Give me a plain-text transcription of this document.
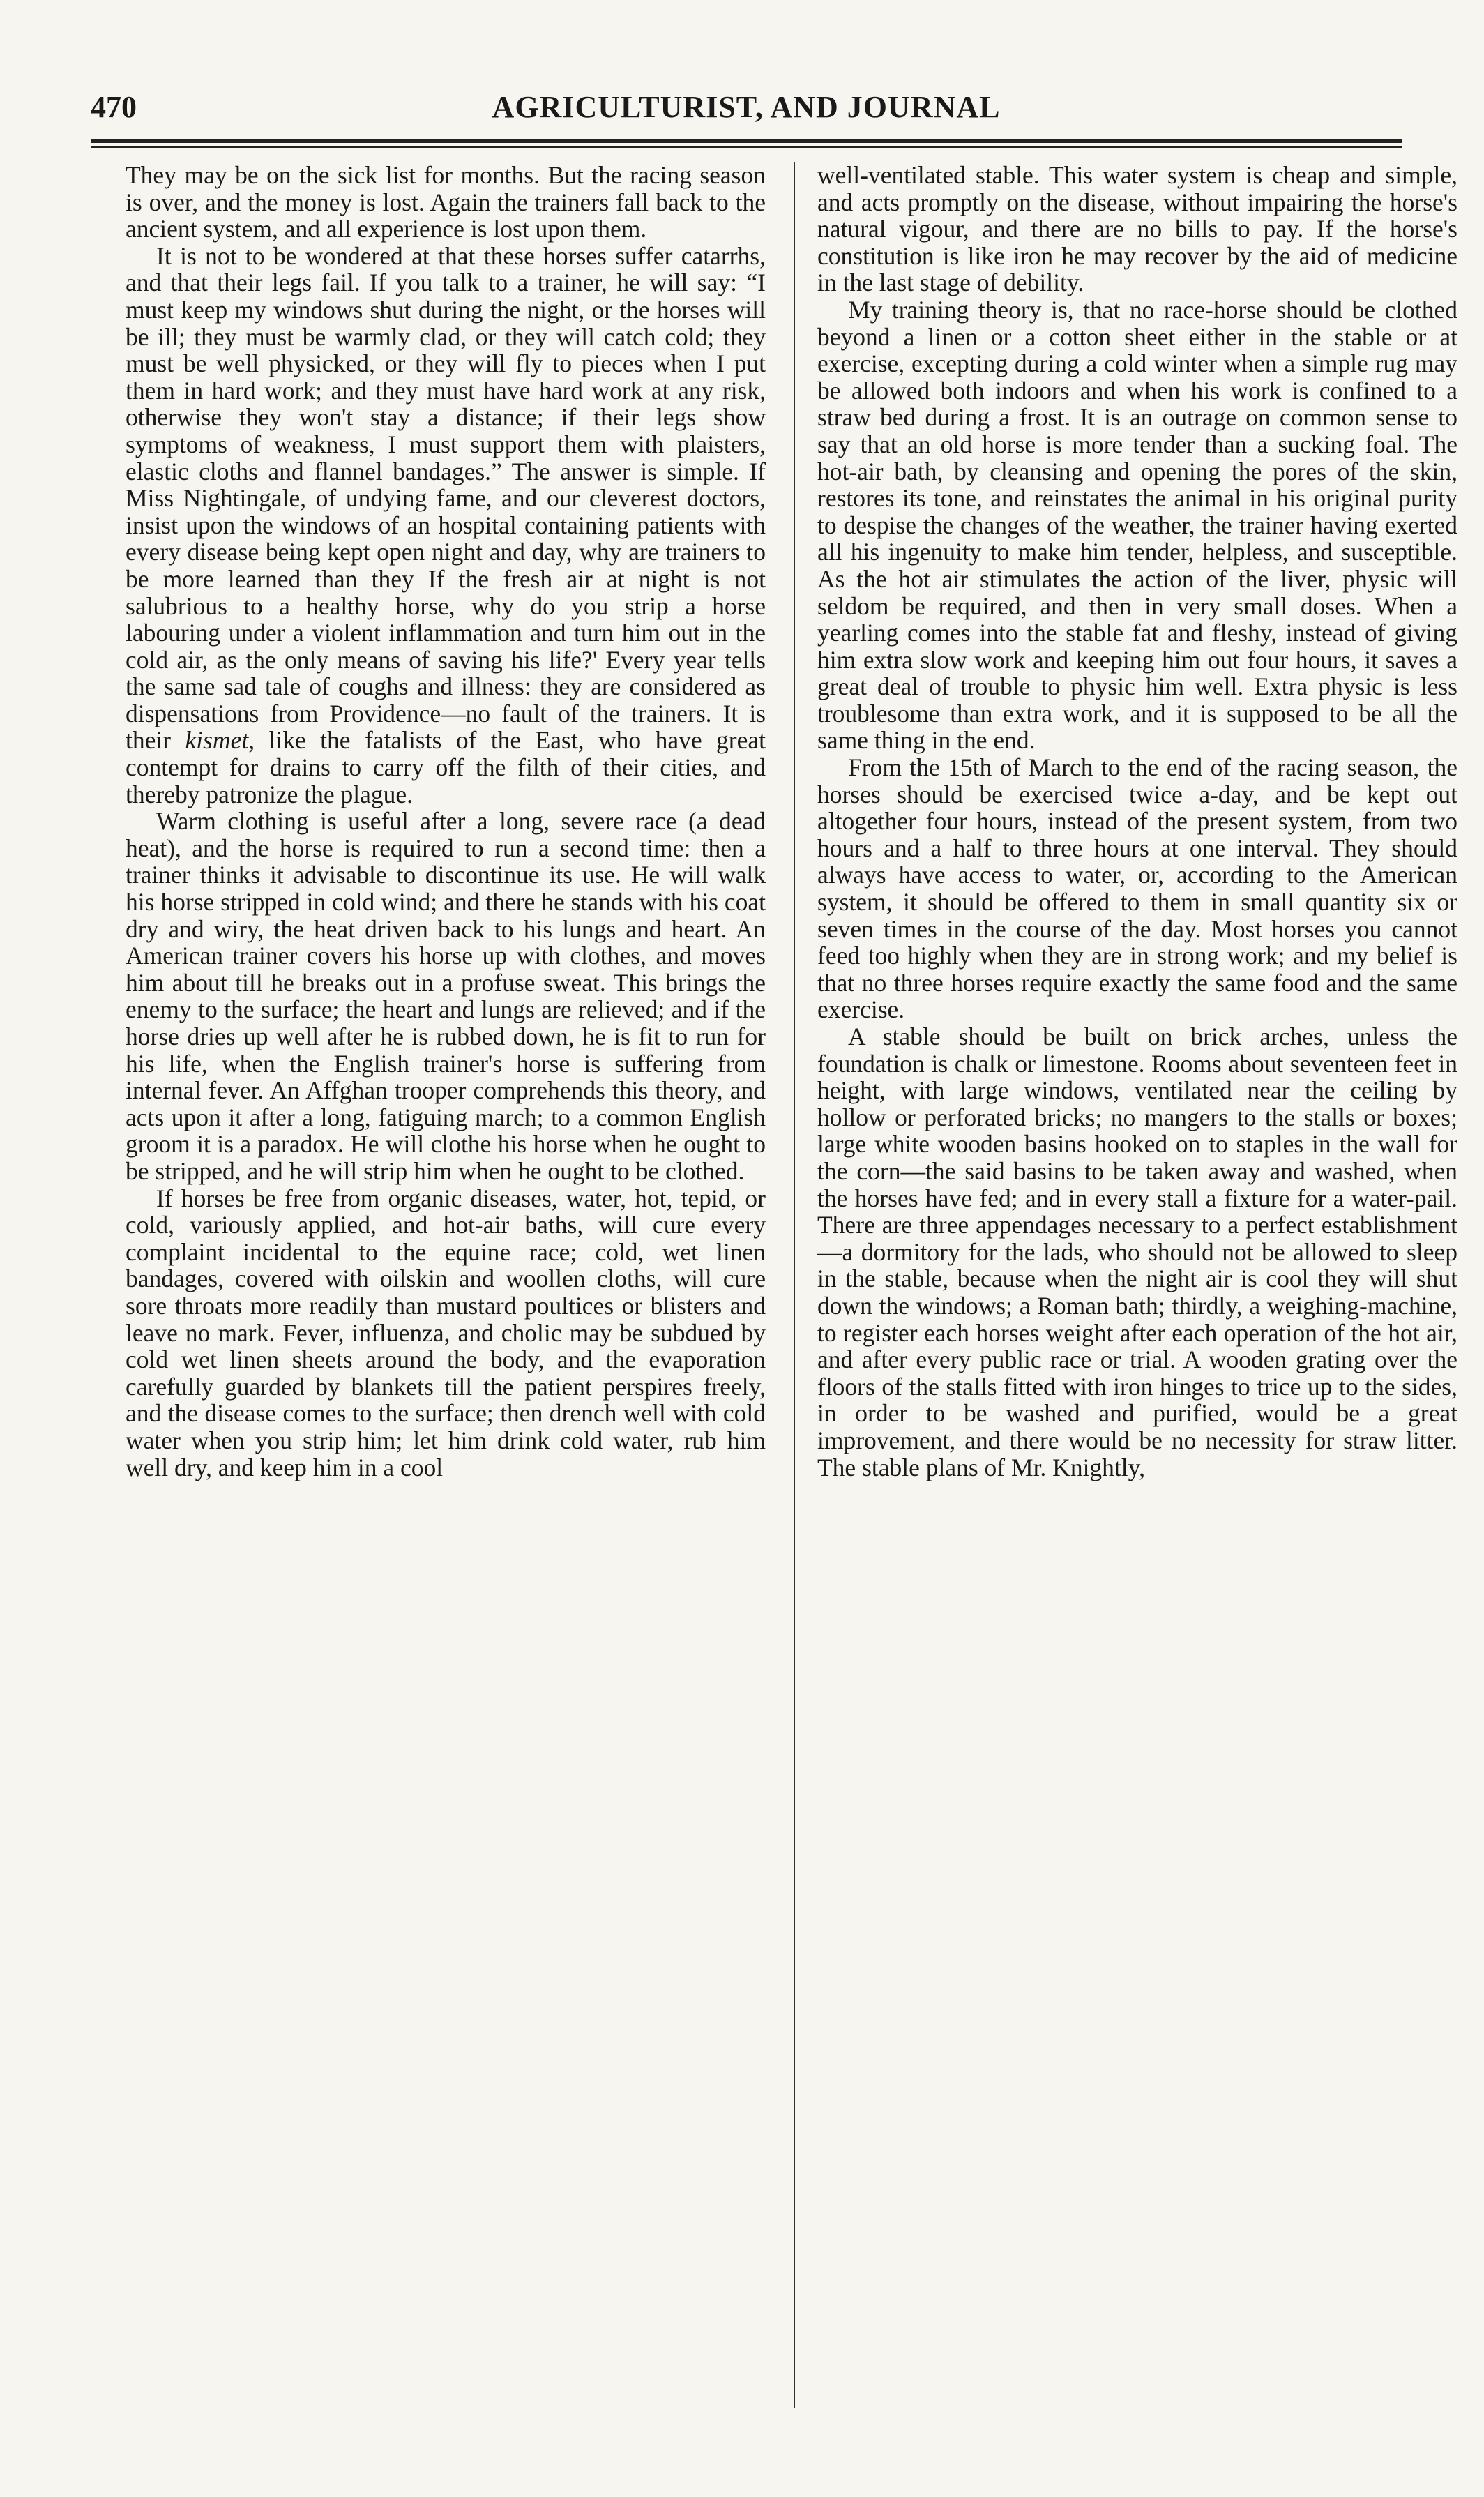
470	AGRICULTURIST, AND JOURNAL

They may be on the sick list for months. But the racing season is over, and the money is lost. Again the trainers fall back to the ancient system, and all experience is lost upon them.

It is not to be wondered at that these horses suffer catarrhs, and that their legs fail. If you talk to a trainer, he will say: “I must keep my windows shut during the night, or the horses will be ill; they must be warmly clad, or they will catch cold; they must be well physicked, or they will fly to pieces when I put them in hard work; and they must have hard work at any risk, otherwise they won't stay a distance; if their legs show symptoms of weakness, I must support them with plaisters, elastic cloths and flannel bandages.” The answer is simple. If Miss Nightingale, of undying fame, and our cleverest doctors, insist upon the windows of an hospital containing patients with every disease being kept open night and day, why are trainers to be more learned than they If the fresh air at night is not salubrious to a healthy horse, why do you strip a horse labouring under a violent inflammation and turn him out in the cold air, as the only means of saving his life?' Every year tells the same sad tale of coughs and illness: they are considered as dispensations from Providence—no fault of the trainers. It is their kismet, like the fatalists of the East, who have great contempt for drains to carry off the filth of their cities, and thereby patronize the plague.

Warm clothing is useful after a long, severe race (a dead heat), and the horse is required to run a second time: then a trainer thinks it advisable to discontinue its use. He will walk his horse stripped in cold wind; and there he stands with his coat dry and wiry, the heat driven back to his lungs and heart. An American trainer covers his horse up with clothes, and moves him about till he breaks out in a profuse sweat. This brings the enemy to the surface; the heart and lungs are relieved; and if the horse dries up well after he is rubbed down, he is fit to run for his life, when the English trainer's horse is suffering from internal fever. An Affghan trooper comprehends this theory, and acts upon it after a long, fatiguing march; to a common English groom it is a paradox. He will clothe his horse when he ought to be stripped, and he will strip him when he ought to be clothed.

If horses be free from organic diseases, water, hot, tepid, or cold, variously applied, and hot-air baths, will cure every complaint incidental to the equine race; cold, wet linen bandages, covered with oilskin and woollen cloths, will cure sore throats more readily than mustard poultices or blisters and leave no mark. Fever, influenza, and cholic may be subdued by cold wet linen sheets around the body, and the evaporation carefully guarded by blankets till the patient perspires freely, and the disease comes to the surface; then drench well with cold water when you strip him; let him drink cold water, rub him well dry, and keep him in a cool

well-ventilated stable. This water system is cheap and simple, and acts promptly on the disease, without impairing the horse's natural vigour, and there are no bills to pay. If the horse's constitution is like iron he may recover by the aid of medicine in the last stage of debility.

My training theory is, that no race-horse should be clothed beyond a linen or a cotton sheet either in the stable or at exercise, excepting during a cold winter when a simple rug may be allowed both indoors and when his work is confined to a straw bed during a frost. It is an outrage on common sense to say that an old horse is more tender than a sucking foal. The hot-air bath, by cleansing and opening the pores of the skin, restores its tone, and reinstates the animal in his original purity to despise the changes of the weather, the trainer having exerted all his ingenuity to make him tender, helpless, and susceptible. As the hot air stimulates the action of the liver, physic will seldom be required, and then in very small doses. When a yearling comes into the stable fat and fleshy, instead of giving him extra slow work and keeping him out four hours, it saves a great deal of trouble to physic him well. Extra physic is less troublesome than extra work, and it is supposed to be all the same thing in the end.

From the 15th of March to the end of the racing season, the horses should be exercised twice a-day, and be kept out altogether four hours, instead of the present system, from two hours and a half to three hours at one interval. They should always have access to water, or, according to the American system, it should be offered to them in small quantity six or seven times in the course of the day. Most horses you cannot feed too highly when they are in strong work; and my belief is that no three horses require exactly the same food and the same exercise.

A stable should be built on brick arches, unless the foundation is chalk or limestone. Rooms about seventeen feet in height, with large windows, ventilated near the ceiling by hollow or perforated bricks; no mangers to the stalls or boxes; large white wooden basins hooked on to staples in the wall for the corn—the said basins to be taken away and washed, when the horses have fed; and in every stall a fixture for a water-pail. There are three appendages necessary to a perfect establishment—a dormitory for the lads, who should not be allowed to sleep in the stable, because when the night air is cool they will shut down the windows; a Roman bath; thirdly, a weighing-machine, to register each horses weight after each operation of the hot air, and after every public race or trial. A wooden grating over the floors of the stalls fitted with iron hinges to trice up to the sides, in order to be washed and purified, would be a great improvement, and there would be no necessity for straw litter. The stable plans of Mr. Knightly,
